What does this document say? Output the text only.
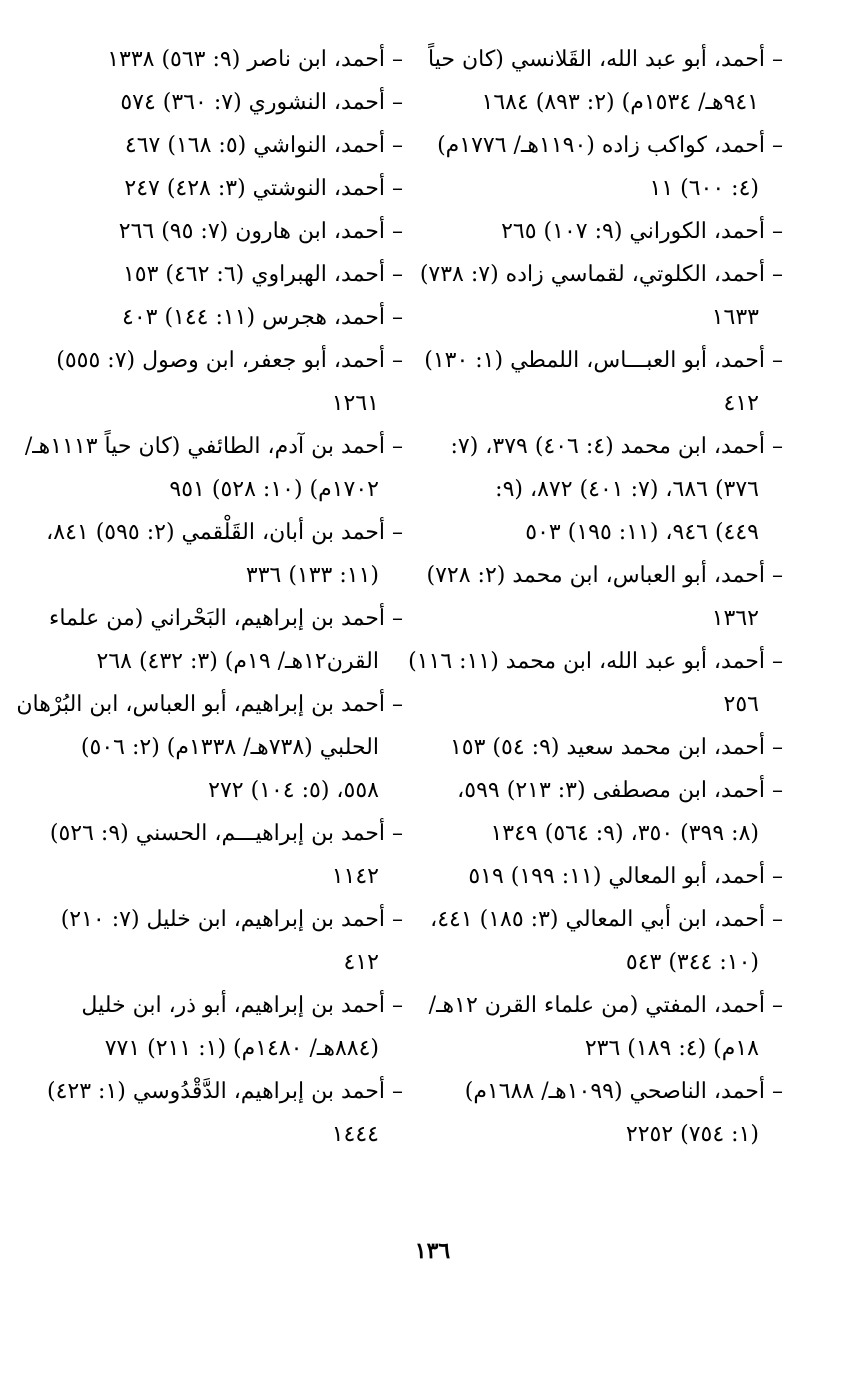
– أحمد، أبو عبد الله، القَلانسي (كان حياً
٩٤١هـ/ ١٥٣٤م) (٢: ٨٩٣) ١٦٨٤
– أحمد، كواكب زاده (١١٩٠هـ/ ١٧٧٦م)
(٤: ٦٠٠) ١١
– أحمد، الكوراني (٩: ١٠٧) ٢٦٥
– أحمد، الكلوتي، لقماسي زاده (٧: ٧٣٨)
١٦٣٣
– أحمد، أبو العبـــاس، اللمطي (١: ١٣٠)
٤١٢
– أحمد، ابن محمد (٤: ٤٠٦) ٣٧٩، (٧:
٣٧٦) ٦٨٦، (٧: ٤٠١) ٨٧٢، (٩:
٤٤٩) ٩٤٦، (١١: ١٩٥) ٥٠٣
– أحمد، أبو العباس، ابن محمد (٢: ٧٢٨)
١٣٦٢
– أحمد، أبو عبد الله، ابن محمد (١١: ١١٦)
٢٥٦
– أحمد، ابن محمد سعيد (٩: ٥٤) ١٥٣
– أحمد، ابن مصطفى (٣: ٢١٣) ٥٩٩،
(٨: ٣٩٩) ٣٥٠، (٩: ٥٦٤) ١٣٤٩
– أحمد، أبو المعالي (١١: ١٩٩) ٥١٩
– أحمد، ابن أبي المعالي (٣: ١٨٥) ٤٤١،
(١٠: ٣٤٤) ٥٤٣
– أحمد، المفتي (من علماء القرن ١٢هـ/
١٨م) (٤: ١٨٩) ٢٣٦
– أحمد، الناصحي (١٠٩٩هـ/ ١٦٨٨م)
(١: ٧٥٤) ٢٢٥٢
– أحمد، ابن ناصر (٩: ٥٦٣) ١٣٣٨
– أحمد، النشوري (٧: ٣٦٠) ٥٧٤
– أحمد، النواشي (٥: ١٦٨) ٤٦٧
– أحمد، النوشتي (٣: ٤٢٨) ٢٤٧
– أحمد، ابن هارون (٧: ٩٥) ٢٦٦
– أحمد، الهبراوي (٦: ٤٦٢) ١٥٣
– أحمد، هجرس (١١: ١٤٤) ٤٠٣
– أحمد، أبو جعفر، ابن وصول (٧: ٥٥٥)
١٢٦١
– أحمد بن آدم، الطائفي (كان حياً ١١١٣هـ/
١٧٠٢م) (١٠: ٥٢٨) ٩٥١
– أحمد بن أبان، القَلْقمي (٢: ٥٩٥) ٨٤١،
(١١: ١٣٣) ٣٣٦
– أحمد بن إبراهيم، البَحْراني (من علماء
القرن١٢هـ/ ١٩م) (٣: ٤٣٢) ٢٦٨
– أحمد بن إبراهيم، أبو العباس، ابن البُرْهان
الحلبي (٧٣٨هـ/ ١٣٣٨م) (٢: ٥٠٦)
٥٥٨، (٥: ١٠٤) ٢٧٢
– أحمد بن إبراهيـــم، الحسني (٩: ٥٢٦)
١١٤٢
– أحمد بن إبراهيم، ابن خليل (٧: ٢١٠)
٤١٢
– أحمد بن إبراهيم، أبو ذر، ابن خليل
(٨٨٤هـ/ ١٤٨٠م) (١: ٢١١) ٧٧١
– أحمد بن إبراهيم، الدَّقْدُوسي (١: ٤٢٣)
١٤٤٤
١٣٦
